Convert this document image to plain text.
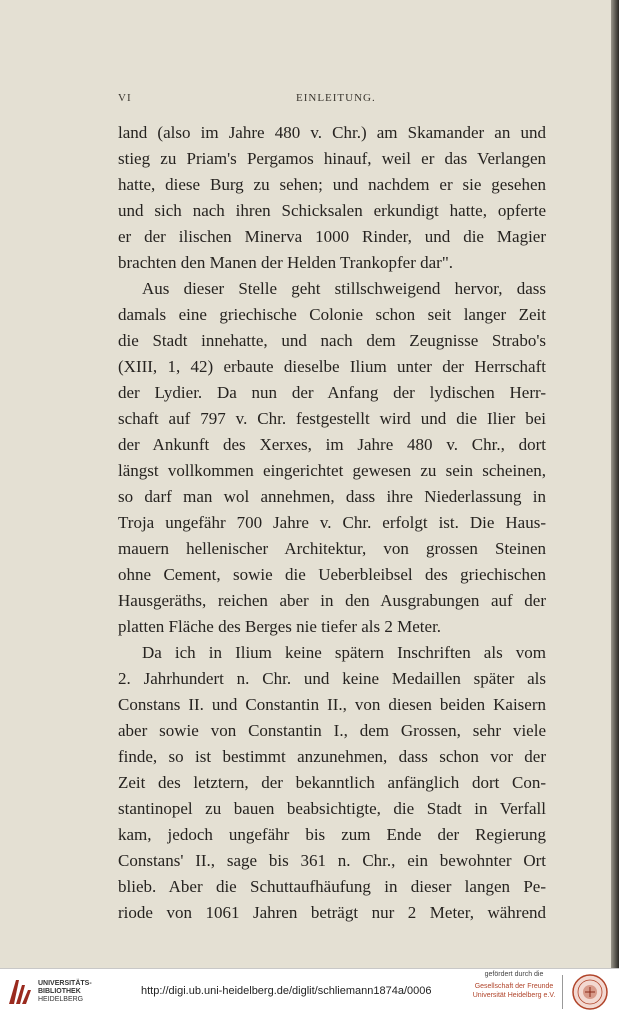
VI	EINLEITUNG.
land (also im Jahre 480 v. Chr.) am Skamander an und
stieg zu Priam's Pergamos hinauf, weil er das Verlangen
hatte, diese Burg zu sehen; und nachdem er sie gesehen
und sich nach ihren Schicksalen erkundigt hatte, opferte
er der ilischen Minerva 1000 Rinder, und die Magier
brachten den Manen der Helden Trankopfer dar".
Aus dieser Stelle geht stillschweigend hervor, dass
damals eine griechische Colonie schon seit langer Zeit
die Stadt innehatte, und nach dem Zeugnisse Strabo's
(XIII, 1, 42) erbaute dieselbe Ilium unter der Herrschaft
der Lydier. Da nun der Anfang der lydischen Herr-
schaft auf 797 v. Chr. festgestellt wird und die Ilier bei
der Ankunft des Xerxes, im Jahre 480 v. Chr., dort
längst vollkommen eingerichtet gewesen zu sein scheinen,
so darf man wol annehmen, dass ihre Niederlassung in
Troja ungefähr 700 Jahre v. Chr. erfolgt ist. Die Haus-
mauern hellenischer Architektur, von grossen Steinen
ohne Cement, sowie die Ueberbleibsel des griechischen
Hausgeräths, reichen aber in den Ausgrabungen auf der
platten Fläche des Berges nie tiefer als 2 Meter.
Da ich in Ilium keine spätern Inschriften als vom
2. Jahrhundert n. Chr. und keine Medaillen später als
Constans II. und Constantin II., von diesen beiden Kaisern
aber sowie von Constantin I., dem Grossen, sehr viele
finde, so ist bestimmt anzunehmen, dass schon vor der
Zeit des letztern, der bekanntlich anfänglich dort Con-
stantinopel zu bauen beabsichtigte, die Stadt in Verfall
kam, jedoch ungefähr bis zum Ende der Regierung
Constans' II., sage bis 361 n. Chr., ein bewohnter Ort
blieb. Aber die Schuttaufhäufung in dieser langen Pe-
riode von 1061 Jahren beträgt nur 2 Meter, während
UNIVERSITÄTS-
BIBLIOTHEK
HEIDELBERG
http://digi.ub.uni-heidelberg.de/diglit/schliemann1874a/0006
gefördert durch die
Gesellschaft der Freunde
Universität Heidelberg e.V.
